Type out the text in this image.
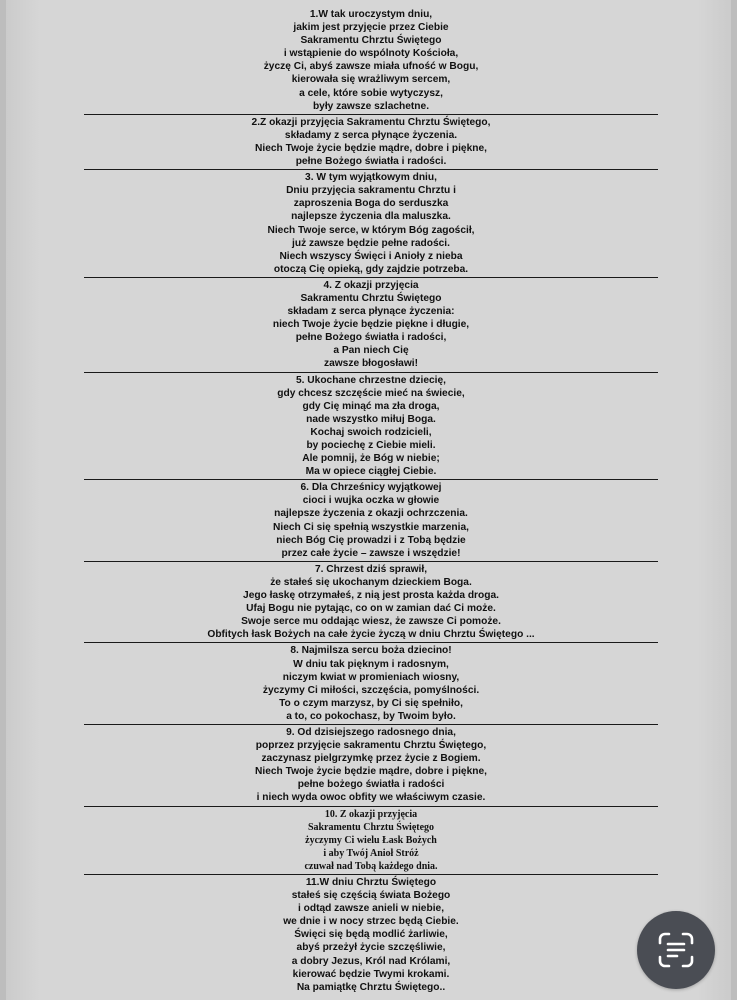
1.W tak uroczystym dniu,
jakim jest przyjęcie przez Ciebie
Sakramentu Chrztu Świętego
i wstąpienie do wspólnoty Kościoła,
życzę Ci, abyś zawsze miała ufność w Bogu,
kierowała się wrażliwym sercem,
a cele, które sobie wytyczysz,
były zawsze szlachetne.
2.Z okazji przyjęcia Sakramentu Chrztu Świętego,
składamy z serca płynące życzenia.
Niech Twoje życie będzie mądre, dobre i piękne,
pełne Bożego światła i radości.
3. W tym wyjątkowym dniu,
Dniu przyjęcia sakramentu Chrztu i
zaproszenia Boga do serduszka
najlepsze życzenia dla maluszka.
Niech Twoje serce, w którym Bóg zagościł,
już zawsze będzie pełne radości.
Niech wszyscy Święci i Anioły z nieba
otoczą Cię opieką, gdy zajdzie potrzeba.
4. Z okazji przyjęcia
Sakramentu Chrztu Świętego
składam z serca płynące życzenia:
niech Twoje życie będzie piękne i długie,
pełne Bożego światła i radości,
a Pan niech Cię
zawsze błogosławi!
5. Ukochane chrzestne dziecię,
gdy chcesz szczęście mieć na świecie,
gdy Cię minąć ma zła droga,
nade wszystko miłuj Boga.
Kochaj swoich rodzicieli,
by pociechę z Ciebie mieli.
Ale pomnij, że Bóg w niebie;
Ma w opiece ciągłej Ciebie.
6. Dla Chrześnicy wyjątkowej
cioci i wujka oczka w głowie
najlepsze życzenia z okazji ochrzczenia.
Niech Ci się spełnią wszystkie marzenia,
niech Bóg Cię prowadzi i z Tobą będzie
przez całe życie – zawsze i wszędzie!
7. Chrzest dziś sprawił,
że stałeś się ukochanym dzieckiem Boga.
Jego łaskę otrzymałeś, z nią jest prosta każda droga.
Ufaj Bogu nie pytając, co on w zamian dać Ci może.
Swoje serce mu oddając wiesz, że zawsze Ci pomoże.
Obfitych łask Bożych na całe życie życzą w dniu Chrztu Świętego ...
8. Najmilsza sercu boża dziecino!
W dniu tak pięknym i radosnym,
niczym kwiat w promieniach wiosny,
życzymy Ci miłości, szczęścia, pomyślności.
To o czym marzysz, by Ci się spełniło,
a to, co pokochasz, by Twoim było.
9. Od dzisiejszego radosnego dnia,
poprzez przyjęcie sakramentu Chrztu Świętego,
zaczynasz pielgrzymkę przez życie z Bogiem.
Niech Twoje życie będzie mądre, dobre i piękne,
pełne bożego światła i radości
i niech wyda owoc obfity we właściwym czasie.
10. Z okazji przyjęcia
Sakramentu Chrztu Świętego
życzymy Ci wielu Łask Bożych
i aby Twój Anioł Stróż
czuwał nad Tobą każdego dnia.
11.W dniu Chrztu Świętego
stałeś się częścią świata Bożego
i odtąd zawsze anieli w niebie,
we dnie i w nocy strzec będą Ciebie.
Święci się będą modlić żarliwie,
abyś przeżył życie szczęśliwie,
a dobry Jezus, Król nad Królami,
kierować będzie Twymi krokami.
Na pamiątkę Chrztu Świętego..
